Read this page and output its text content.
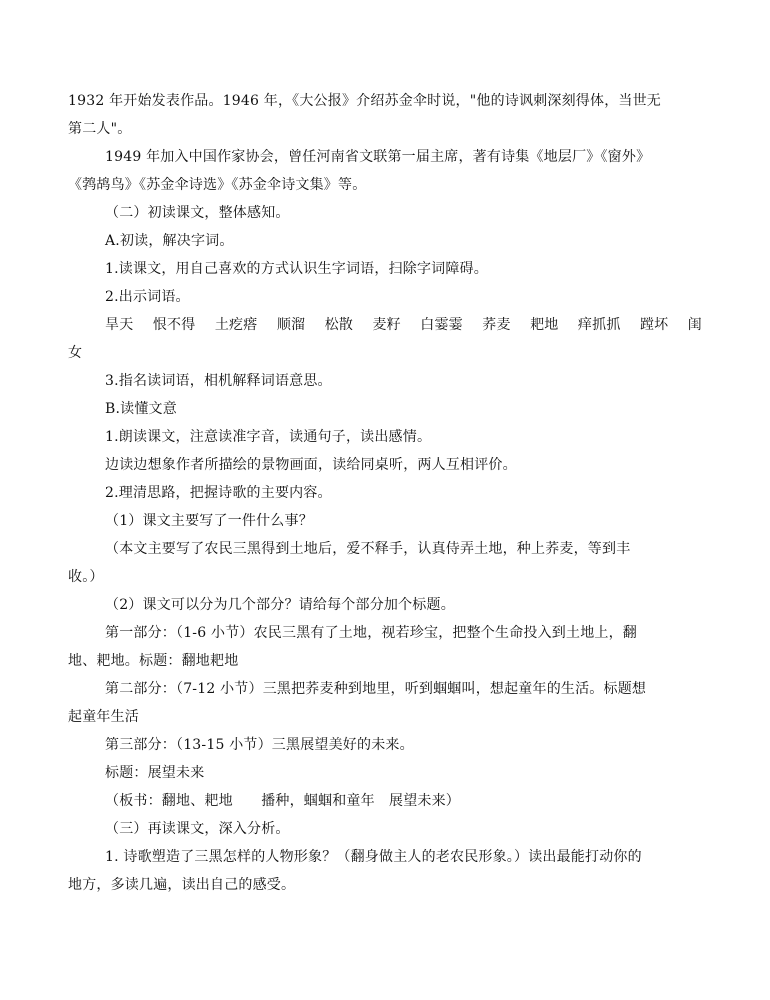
1932 年开始发表作品。1946 年，《大公报》介绍苏金伞时说，"他的诗讽刺深刻得体，当世无
第二人"。
1949 年加入中国作家协会，曾任河南省文联第一届主席，著有诗集《地层厂》《窗外》
《鹁鸪鸟》《苏金伞诗选》《苏金伞诗文集》等。
（二）初读课文，整体感知。
A.初读，解决字词。
1.读课文，用自己喜欢的方式认识生字词语，扫除字词障碍。
2.出示词语。
旱天 恨不得 土疙瘩 顺溜 松散 麦籽 白霎霎 荞麦 耙地 痒抓抓 蹚坏 闺
女
3.指名读词语，相机解释词语意思。
B.读懂文意
1.朗读课文，注意读准字音，读通句子，读出感情。
边读边想象作者所描绘的景物画面，读给同桌听，两人互相评价。
2.理清思路，把握诗歌的主要内容。
（1）课文主要写了一件什么事？
（本文主要写了农民三黑得到土地后，爱不释手，认真侍弄土地，种上荞麦，等到丰
收。）
（2）课文可以分为几个部分？请给每个部分加个标题。
第一部分：（1-6 小节）农民三黑有了土地，视若珍宝，把整个生命投入到土地上，翻
地、耙地。标题：翻地耙地
第二部分：（7-12 小节）三黑把荞麦种到地里，听到蝈蝈叫，想起童年的生活。标题想
起童年生活
第三部分：（13-15 小节）三黑展望美好的未来。
标题：展望未来
（板书：翻地、耙地　　播种，蝈蝈和童年　展望未来）
（三）再读课文，深入分析。
1. 诗歌塑造了三黑怎样的人物形象？（翻身做主人的老农民形象。）读出最能打动你的
地方，多读几遍，读出自己的感受。
